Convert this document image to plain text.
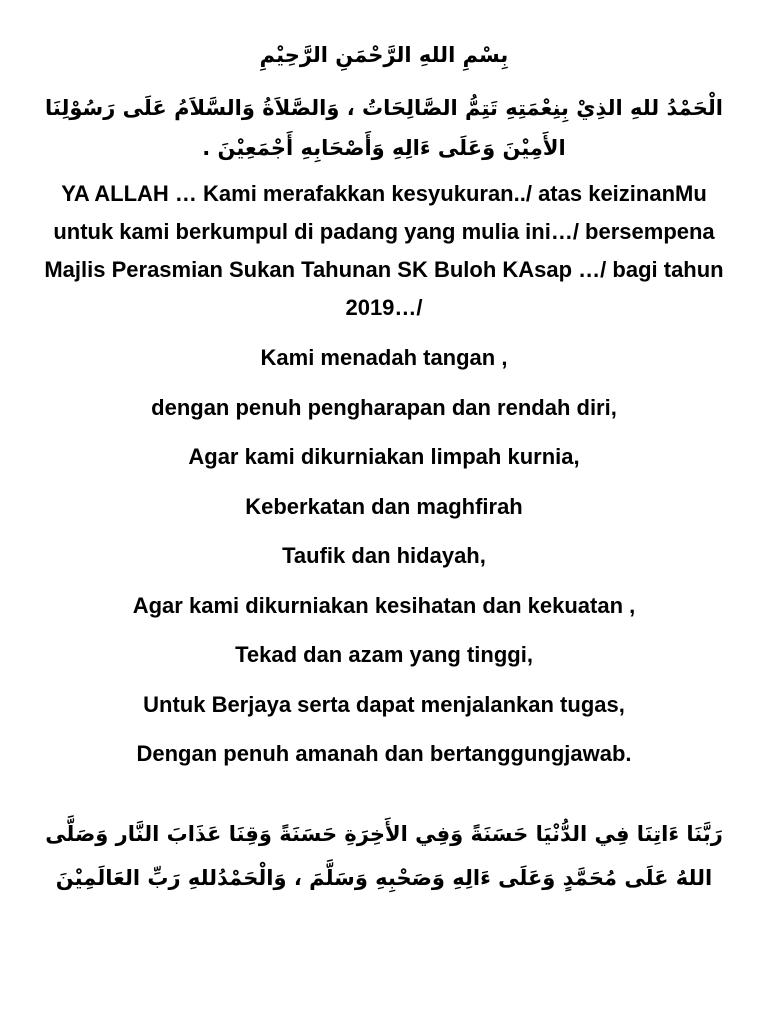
بِسْمِ اللهِ الرَّحْمَنِ الرَّحِيْمِ

الْحَمْدُ للهِ الذِيْ بِنِعْمَتِهِ تَتِمُّ الصَّالِحَاتُ ، وَالصَّلاَةُ وَالسَّلاَمُ عَلَى رَسُوْلِنَا الأَمِيْنَ وَعَلَى ءَالِهِ وَأَصْحَابِهِ أَجْمَعِيْنَ .

YA ALLAH … Kami merafakkan kesyukuran../ atas keizinanMu untuk kami berkumpul di padang yang mulia ini…/ bersempena Majlis Perasmian Sukan Tahunan SK Buloh KAsap …/ bagi tahun 2019…/

Kami menadah tangan ,
dengan penuh pengharapan dan rendah diri,
Agar kami dikurniakan limpah kurnia,
Keberkatan dan maghfirah
Taufik dan hidayah,
Agar kami dikurniakan kesihatan dan kekuatan ,
Tekad dan azam yang tinggi,
Untuk Berjaya serta dapat menjalankan tugas,
Dengan penuh amanah dan bertanggungjawab.

رَبَّنَا ءَاتِنَا فِي الدُّنْيَا حَسَنَةً وَفِي الأَخِرَةِ حَسَنَةً وَقِنَا عَذَابَ النَّار وَصَلَّى اللهُ عَلَى مُحَمَّدٍ وَعَلَى ءَالِهِ وَصَحْبِهِ وَسَلَّمَ ، وَالْحَمْدُللهِ رَبِّ العَالَمِيْنَ
